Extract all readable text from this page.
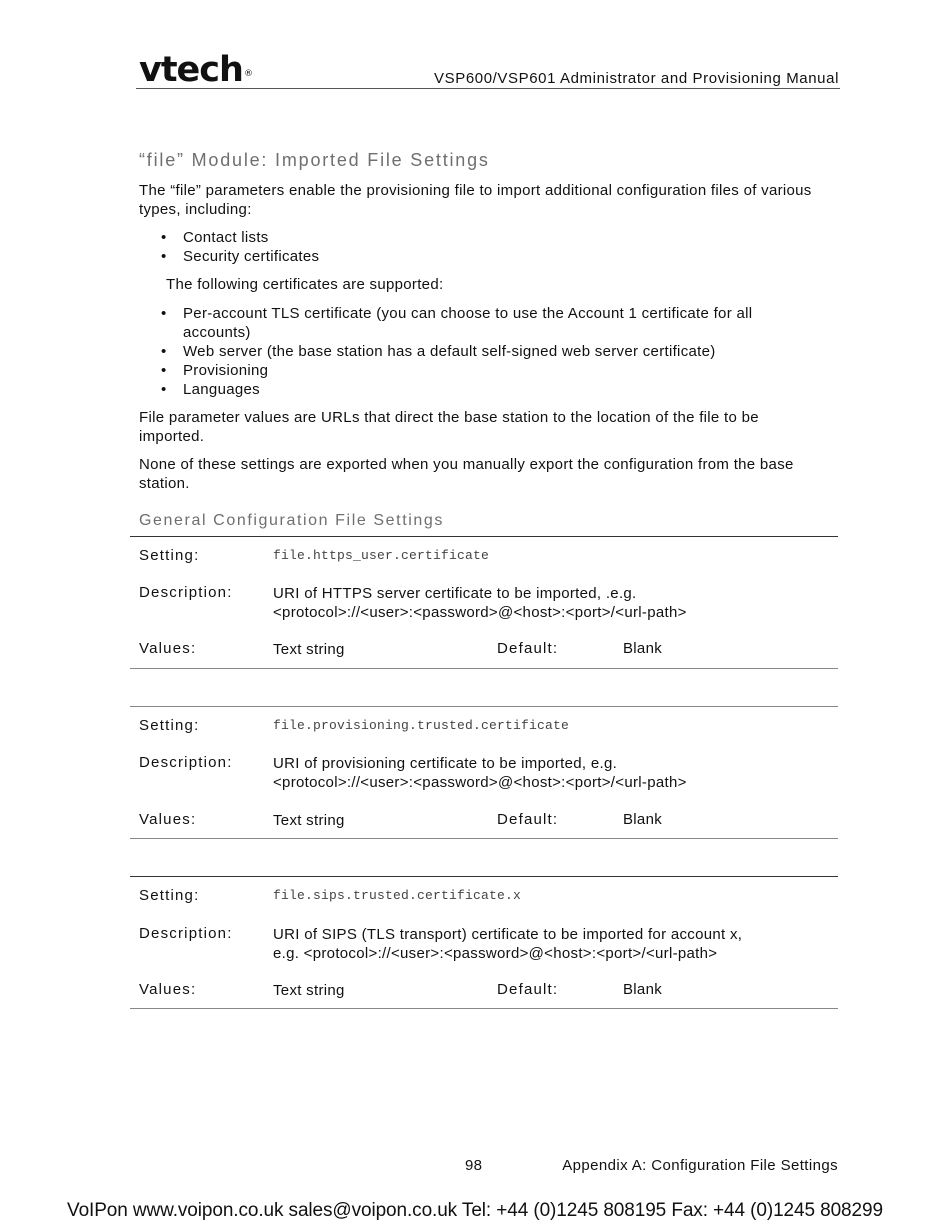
vtech®	VSP600/VSP601 Administrator and Provisioning Manual
“file” Module: Imported File Settings

The “file” parameters enable the provisioning file to import additional configuration files of various types, including:

• Contact lists
• Security certificates

The following certificates are supported:

• Per-account TLS certificate (you can choose to use the Account 1 certificate for all accounts)
• Web server (the base station has a default self-signed web server certificate)
• Provisioning
• Languages

File parameter values are URLs that direct the base station to the location of the file to be imported.

None of these settings are exported when you manually export the configuration from the base station.

General Configuration File Settings
Setting:	file.https_user.certificate
Description:	URI of HTTPS server certificate to be imported, .e.g.
<protocol>://<user>:<password>@<host>:<port>/<url-path>
Values:	Text string	Default:	Blank
Setting:	file.provisioning.trusted.certificate
Description:	URI of provisioning certificate to be imported, e.g.
<protocol>://<user>:<password>@<host>:<port>/<url-path>
Values:	Text string	Default:	Blank
Setting:	file.sips.trusted.certificate.x
Description:	URI of SIPS (TLS transport) certificate to be imported for account x,
e.g. <protocol>://<user>:<password>@<host>:<port>/<url-path>
Values:	Text string	Default:	Blank
98	Appendix A: Configuration File Settings
VoIPon www.voipon.co.uk sales@voipon.co.uk Tel: +44 (0)1245 808195 Fax: +44 (0)1245 808299
